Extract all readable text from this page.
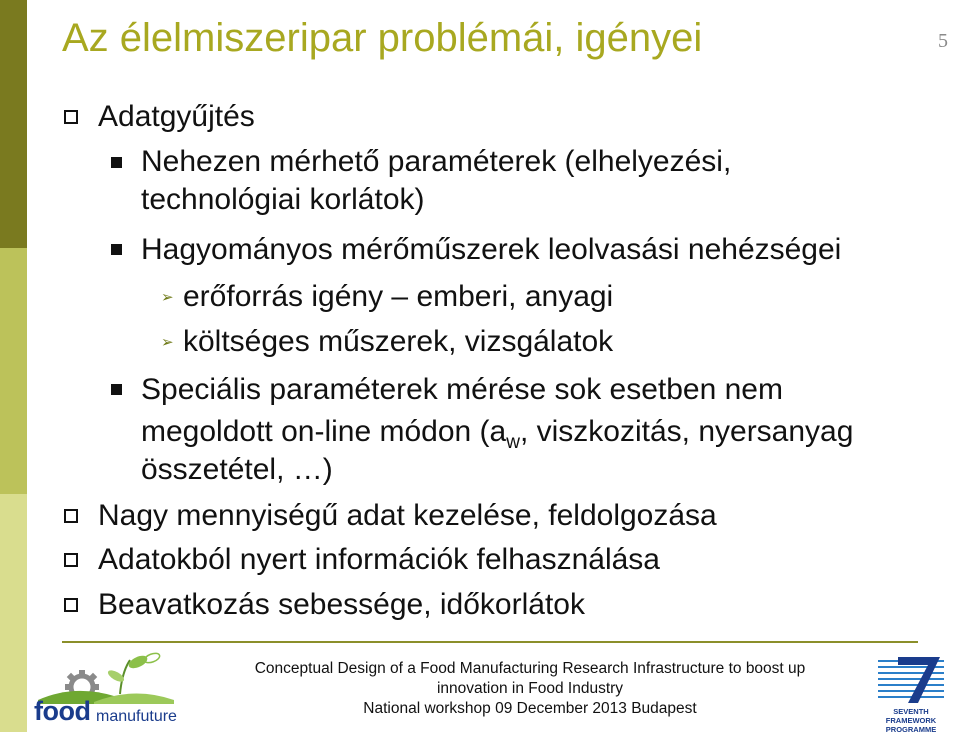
Az élelmiszeripar problémái, igényei	5
Adatgyűjtés
Nehezen mérhető paraméterek (elhelyezési,
technológiai korlátok)
Hagyományos mérőműszerek leolvasási nehézségei
➢ erőforrás igény – emberi, anyagi
➢ költséges műszerek, vizsgálatok
Speciális paraméterek mérése sok esetben nem
megoldott on-line módon ($a_w$, viszkozitás, nyersanyag
összetétel, …)
Nagy mennyiségű adat kezelése, feldolgozása
Adatokból nyert információk felhasználása
Beavatkozás sebessége, időkorlátok
food manufuture
Conceptual Design of a Food Manufacturing Research Infrastructure to boost up
innovation in Food Industry
National workshop 09 December 2013 Budapest	SEVENTH FRAMEWORK
PROGRAMME
